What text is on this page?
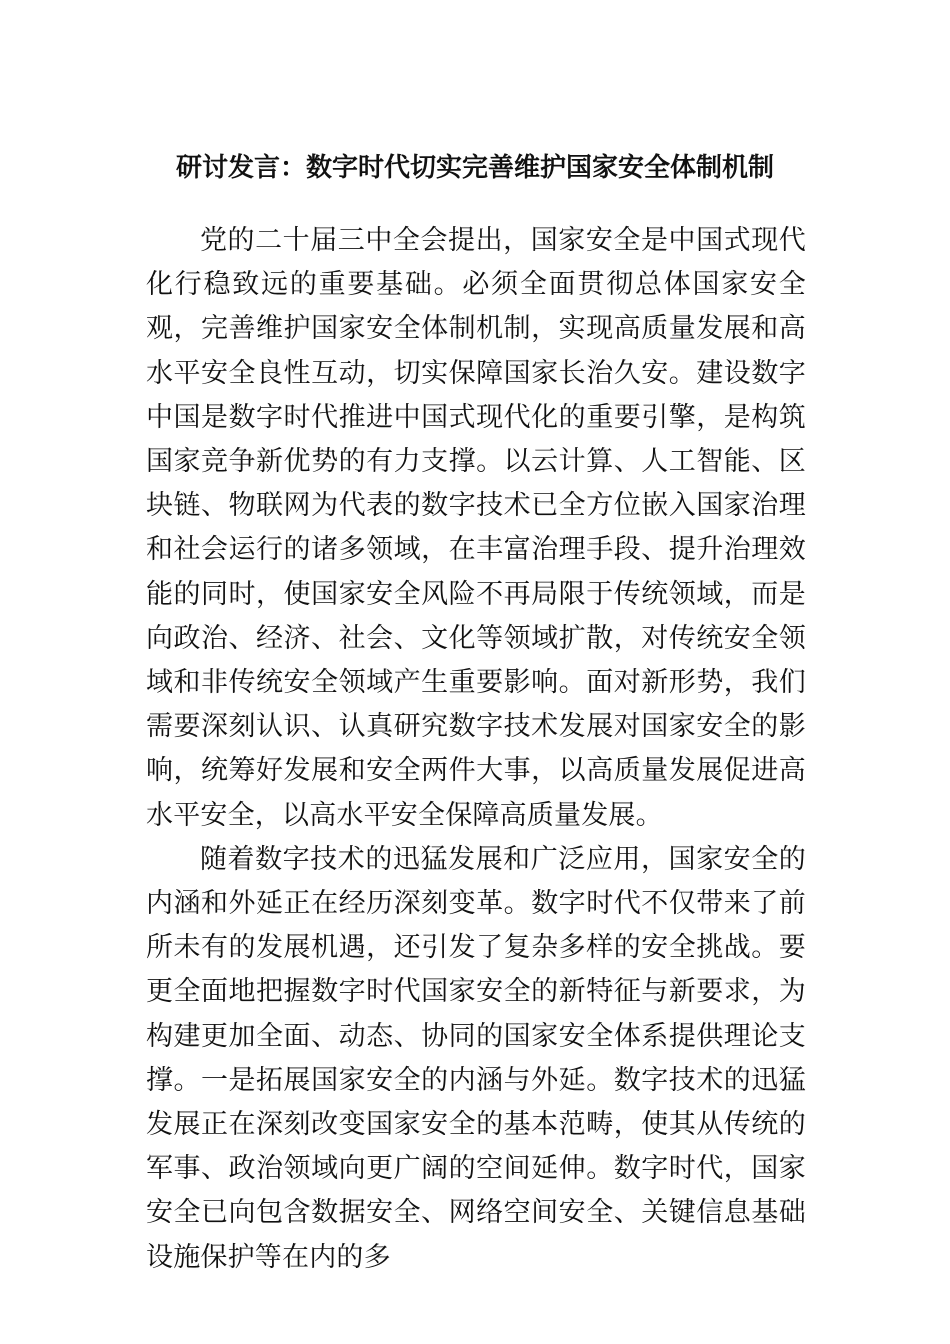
研讨发言：数字时代切实完善维护国家安全体制机制

党的二十届三中全会提出，国家安全是中国式现代化行稳致远的重要基础。必须全面贯彻总体国家安全观，完善维护国家安全体制机制，实现高质量发展和高水平安全良性互动，切实保障国家长治久安。建设数字中国是数字时代推进中国式现代化的重要引擎，是构筑国家竞争新优势的有力支撑。以云计算、人工智能、区块链、物联网为代表的数字技术已全方位嵌入国家治理和社会运行的诸多领域，在丰富治理手段、提升治理效能的同时，使国家安全风险不再局限于传统领域，而是向政治、经济、社会、文化等领域扩散，对传统安全领域和非传统安全领域产生重要影响。面对新形势，我们需要深刻认识、认真研究数字技术发展对国家安全的影响，统筹好发展和安全两件大事，以高质量发展促进高水平安全，以高水平安全保障高质量发展。

随着数字技术的迅猛发展和广泛应用，国家安全的内涵和外延正在经历深刻变革。数字时代不仅带来了前所未有的发展机遇，还引发了复杂多样的安全挑战。要更全面地把握数字时代国家安全的新特征与新要求，为构建更加全面、动态、协同的国家安全体系提供理论支撑。一是拓展国家安全的内涵与外延。数字技术的迅猛发展正在深刻改变国家安全的基本范畴，使其从传统的军事、政治领域向更广阔的空间延伸。数字时代，国家安全已向包含数据安全、网络空间安全、关键信息基础设施保护等在内的多
